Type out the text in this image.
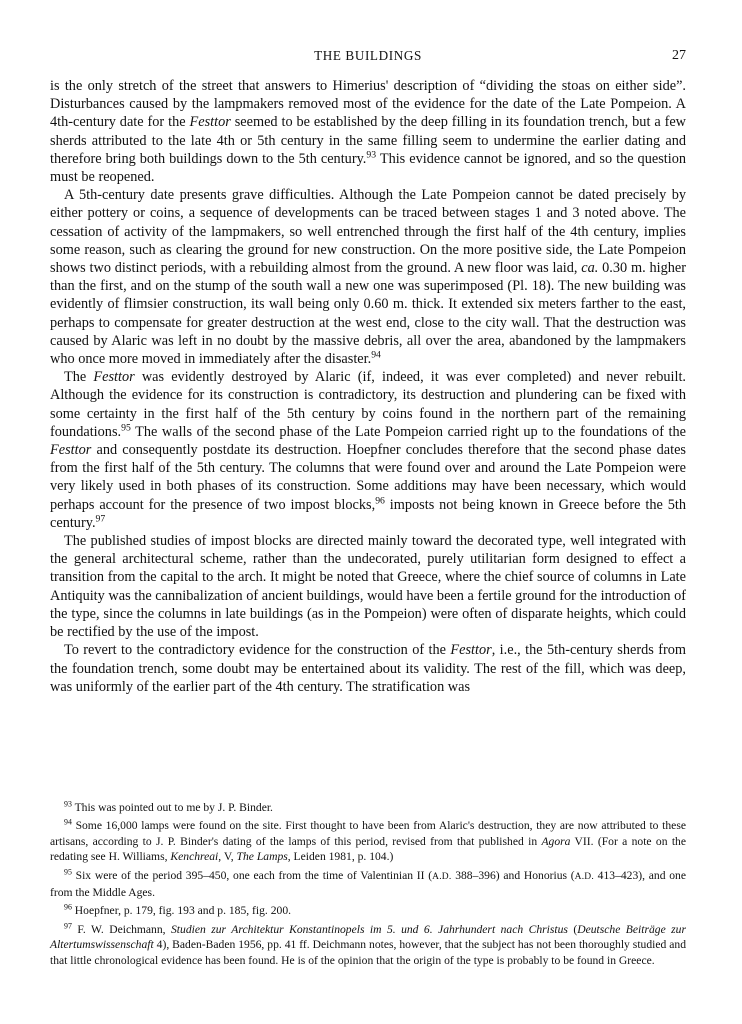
THE BUILDINGS	27

is the only stretch of the street that answers to Himerius' description of “dividing the stoas on either side”. Disturbances caused by the lampmakers removed most of the evidence for the date of the Late Pompeion. A 4th-century date for the Festtor seemed to be established by the deep filling in its foundation trench, but a few sherds attributed to the late 4th or 5th century in the same filling seem to undermine the earlier dating and therefore bring both buildings down to the 5th century.$^{93}$ This evidence cannot be ignored, and so the question must be reopened.

A 5th-century date presents grave difficulties. Although the Late Pompeion cannot be dated precisely by either pottery or coins, a sequence of developments can be traced between stages 1 and 3 noted above. The cessation of activity of the lampmakers, so well entrenched through the first half of the 4th century, implies some reason, such as clearing the ground for new construction. On the more positive side, the Late Pompeion shows two distinct periods, with a rebuilding almost from the ground. A new floor was laid, ca. 0.30 m. higher than the first, and on the stump of the south wall a new one was superimposed (Pl. 18). The new building was evidently of flimsier construction, its wall being only 0.60 m. thick. It extended six meters farther to the east, perhaps to compensate for greater destruction at the west end, close to the city wall. That the destruction was caused by Alaric was left in no doubt by the massive debris, all over the area, abandoned by the lampmakers who once more moved in immediately after the disaster.$^{94}$

The Festtor was evidently destroyed by Alaric (if, indeed, it was ever completed) and never rebuilt. Although the evidence for its construction is contradictory, its destruction and plundering can be fixed with some certainty in the first half of the 5th century by coins found in the northern part of the remaining foundations.$^{95}$ The walls of the second phase of the Late Pompeion carried right up to the foundations of the Festtor and consequently postdate its destruction. Hoepfner concludes therefore that the second phase dates from the first half of the 5th century. The columns that were found over and around the Late Pompeion were very likely used in both phases of its construction. Some additions may have been necessary, which would perhaps account for the presence of two impost blocks,$^{96}$ imposts not being known in Greece before the 5th century.$^{97}$

The published studies of impost blocks are directed mainly toward the decorated type, well integrated with the general architectural scheme, rather than the undecorated, purely utilitarian form designed to effect a transition from the capital to the arch. It might be noted that Greece, where the chief source of columns in Late Antiquity was the cannibalization of ancient buildings, would have been a fertile ground for the introduction of the type, since the columns in late buildings (as in the Pompeion) were often of disparate heights, which could be rectified by the use of the impost.

To revert to the contradictory evidence for the construction of the Festtor, i.e., the 5th-century sherds from the foundation trench, some doubt may be entertained about its validity. The rest of the fill, which was deep, was uniformly of the earlier part of the 4th century. The stratification was

$^{93}$ This was pointed out to me by J. P. Binder.

$^{94}$ Some 16,000 lamps were found on the site. First thought to have been from Alaric's destruction, they are now attributed to these artisans, according to J. P. Binder's dating of the lamps of this period, revised from that published in Agora VII. (For a note on the redating see H. Williams, Kenchreai, V, The Lamps, Leiden 1981, p. 104.)

$^{95}$ Six were of the period 395–450, one each from the time of Valentinian II (A.D. 388–396) and Honorius (A.D. 413–423), and one from the Middle Ages.

$^{96}$ Hoepfner, p. 179, fig. 193 and p. 185, fig. 200.

$^{97}$ F. W. Deichmann, Studien zur Architektur Konstantinopels im 5. und 6. Jahrhundert nach Christus (Deutsche Beiträge zur Altertumswissenschaft 4), Baden-Baden 1956, pp. 41 ff. Deichmann notes, however, that the subject has not been thoroughly studied and that little chronological evidence has been found. He is of the opinion that the origin of the type is probably to be found in Greece.
